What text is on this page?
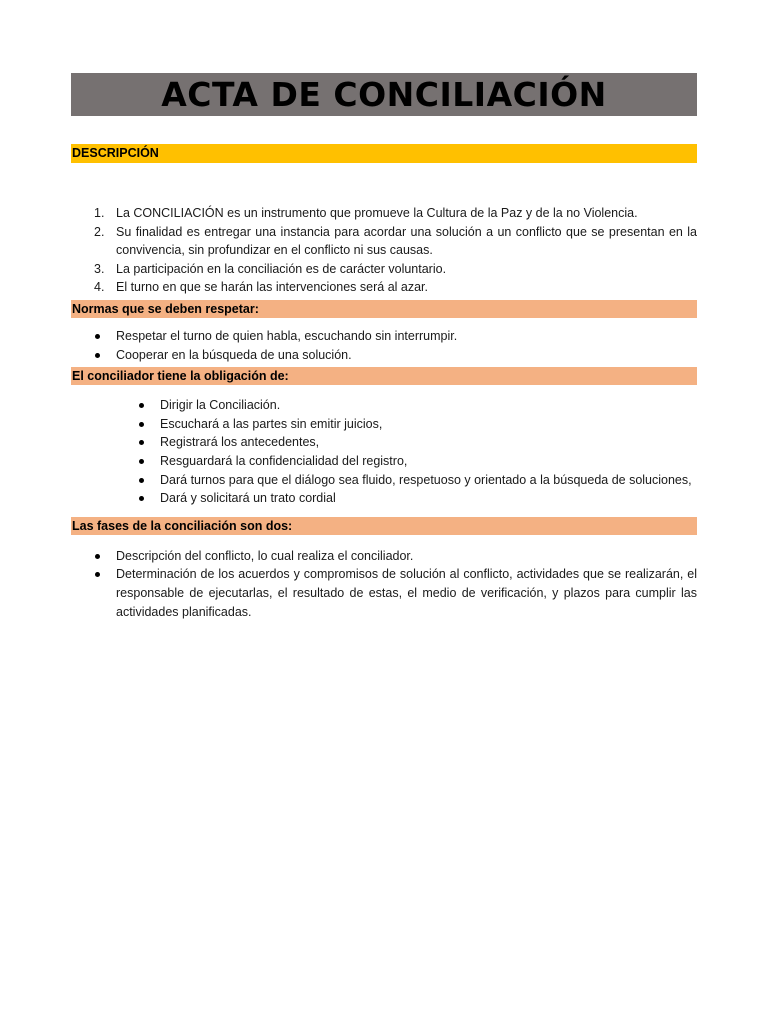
ACTA DE CONCILIACIÓN
DESCRIPCIÓN
1. La CONCILIACIÓN es un instrumento que promueve la Cultura de la Paz y de la no Violencia.
2. Su finalidad es entregar una instancia para acordar una solución a un conflicto que se presentan en la convivencia, sin profundizar en el conflicto ni sus causas.
3. La participación en la conciliación es de carácter voluntario.
4. El turno en que se harán las intervenciones será al azar.
Normas que se deben respetar:
Respetar el turno de quien habla, escuchando sin interrumpir.
Cooperar en la búsqueda de una solución.
El conciliador tiene la obligación de:
Dirigir la Conciliación.
Escuchará a las partes sin emitir juicios,
Registrará los antecedentes,
Resguardará la confidencialidad del registro,
Dará turnos para que el diálogo sea fluido, respetuoso y orientado a la búsqueda de soluciones,
Dará y solicitará un trato cordial
Las fases de la conciliación son dos:
Descripción del conflicto, lo cual realiza el conciliador.
Determinación de los acuerdos y compromisos de solución al conflicto, actividades que se realizarán, el responsable de ejecutarlas, el resultado de estas, el medio de verificación, y plazos para cumplir las actividades planificadas.
